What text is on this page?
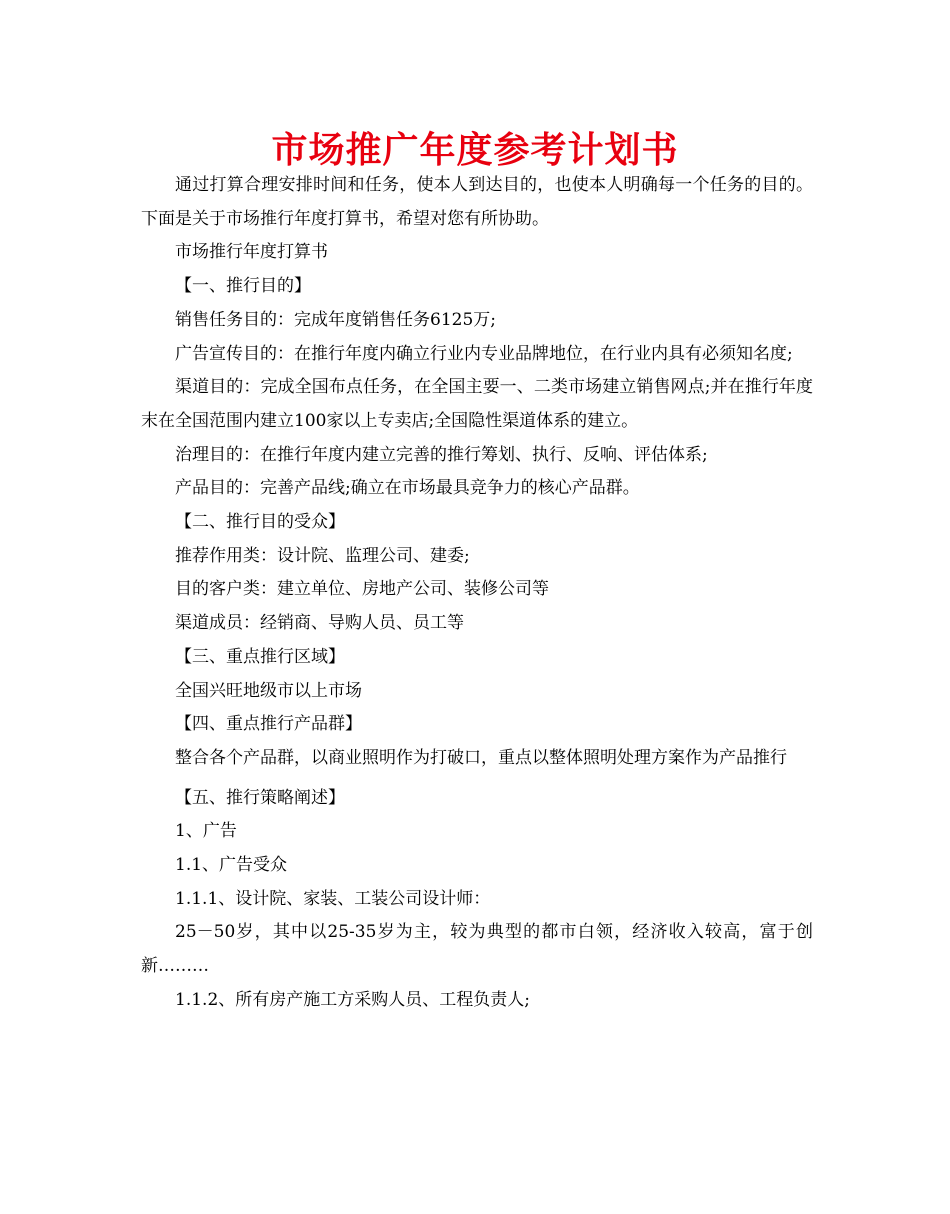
市场推广年度参考计划书

通过打算合理安排时间和任务，使本人到达目的，也使本人明确每一个任务的目的。下面是关于市场推行年度打算书，希望对您有所协助。

市场推行年度打算书

【一、推行目的】

销售任务目的：完成年度销售任务6125万;

广告宣传目的：在推行年度内确立行业内专业品牌地位，在行业内具有必须知名度;

渠道目的：完成全国布点任务，在全国主要一、二类市场建立销售网点;并在推行年度末在全国范围内建立100家以上专卖店;全国隐性渠道体系的建立。

治理目的：在推行年度内建立完善的推行筹划、执行、反响、评估体系;

产品目的：完善产品线;确立在市场最具竞争力的核心产品群。

【二、推行目的受众】

推荐作用类：设计院、监理公司、建委;

目的客户类：建立单位、房地产公司、装修公司等

渠道成员：经销商、导购人员、员工等

【三、重点推行区域】

全国兴旺地级市以上市场

【四、重点推行产品群】

整合各个产品群，以商业照明作为打破口，重点以整体照明处理方案作为产品推行

【五、推行策略阐述】

1、广告

1.1、广告受众

1.1.1、设计院、家装、工装公司设计师：

25－50岁，其中以25-35岁为主，较为典型的都市白领，经济收入较高，富于创新………

1.1.2、所有房产施工方采购人员、工程负责人;
